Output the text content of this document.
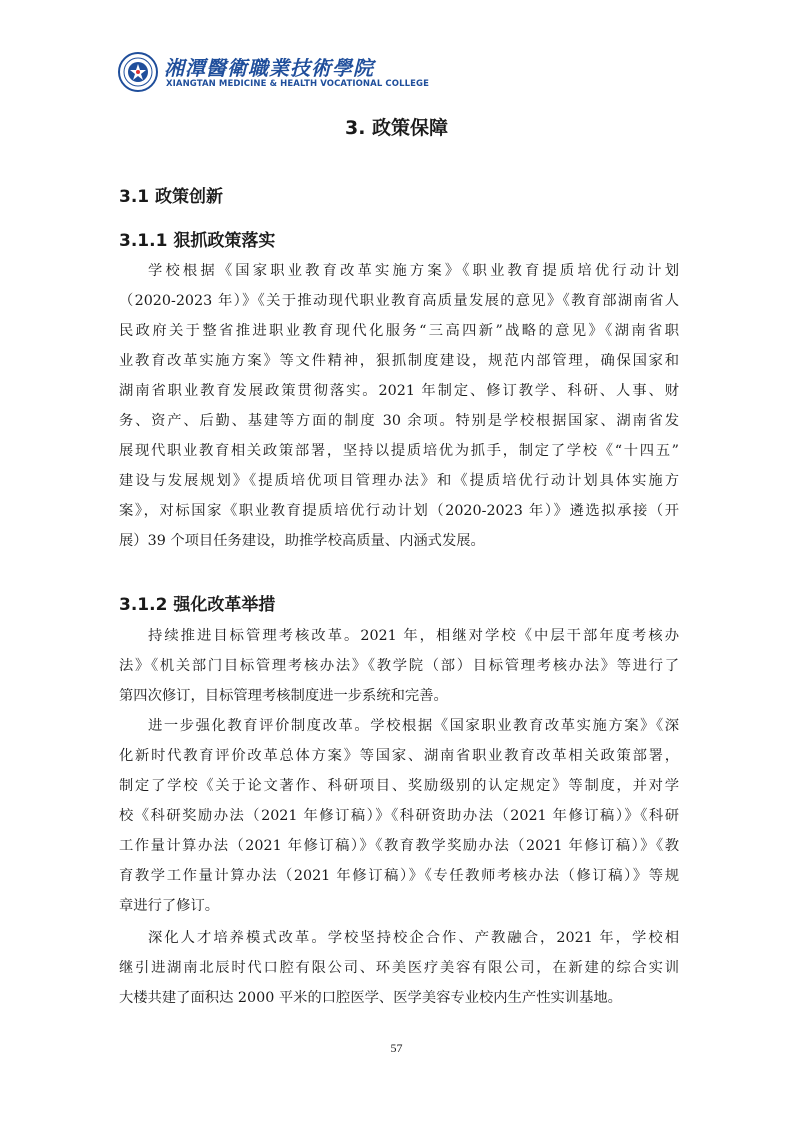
湘潭醫衛職業技術學院
XIANGTAN MEDICINE & HEALTH VOCATIONAL COLLEGE
3. 政策保障
3.1 政策创新
3.1.1 狠抓政策落实
学校根据《国家职业教育改革实施方案》《职业教育提质培优行动计划
（2020-2023 年）》《关于推动现代职业教育高质量发展的意见》《教育部湖南省人
民政府关于整省推进职业教育现代化服务“三高四新”战略的意见》《湖南省职
业教育改革实施方案》等文件精神，狠抓制度建设，规范内部管理，确保国家和
湖南省职业教育发展政策贯彻落实。2021 年制定、修订教学、科研、人事、财
务、资产、后勤、基建等方面的制度 30 余项。特别是学校根据国家、湖南省发
展现代职业教育相关政策部署，坚持以提质培优为抓手，制定了学校《“十四五”
建设与发展规划》《提质培优项目管理办法》和《提质培优行动计划具体实施方
案》，对标国家《职业教育提质培优行动计划（2020-2023 年）》遴选拟承接（开
展）39 个项目任务建设，助推学校高质量、内涵式发展。
3.1.2 强化改革举措
持续推进目标管理考核改革。2021 年，相继对学校《中层干部年度考核办
法》《机关部门目标管理考核办法》《教学院（部）目标管理考核办法》等进行了
第四次修订，目标管理考核制度进一步系统和完善。
进一步强化教育评价制度改革。学校根据《国家职业教育改革实施方案》《深
化新时代教育评价改革总体方案》等国家、湖南省职业教育改革相关政策部署，
制定了学校《关于论文著作、科研项目、奖励级别的认定规定》等制度，并对学
校《科研奖励办法（2021 年修订稿）》《科研资助办法（2021 年修订稿）》《科研
工作量计算办法（2021 年修订稿）》《教育教学奖励办法（2021 年修订稿）》《教
育教学工作量计算办法（2021 年修订稿）》《专任教师考核办法（修订稿）》等规
章进行了修订。
深化人才培养模式改革。学校坚持校企合作、产教融合，2021 年，学校相
继引进湖南北辰时代口腔有限公司、环美医疗美容有限公司，在新建的综合实训
大楼共建了面积达 2000 平米的口腔医学、医学美容专业校内生产性实训基地。
57
